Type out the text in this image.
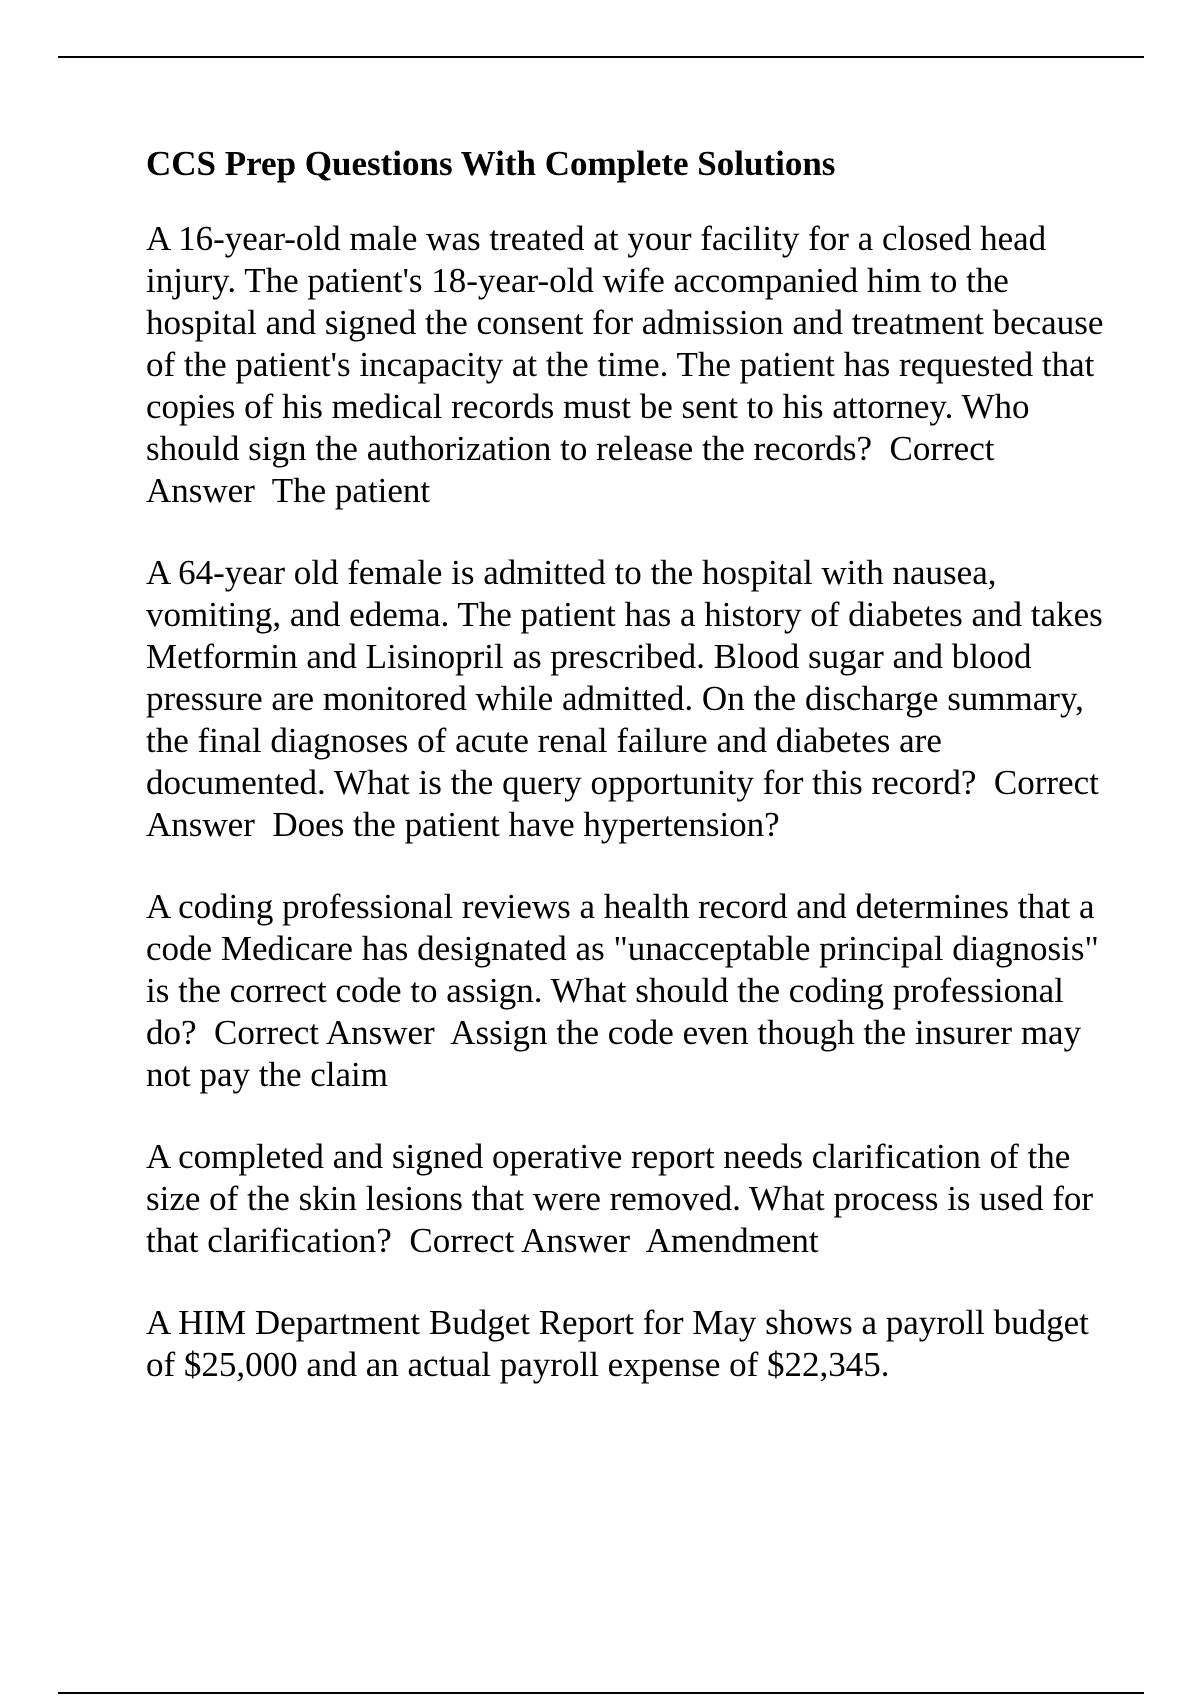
CCS Prep Questions With Complete Solutions

A 16-year-old male was treated at your facility for a closed head injury. The patient's 18-year-old wife accompanied him to the hospital and signed the consent for admission and treatment because of the patient's incapacity at the time. The patient has requested that copies of his medical records must be sent to his attorney. Who should sign the authorization to release the records? Correct Answer The patient

A 64-year old female is admitted to the hospital with nausea, vomiting, and edema. The patient has a history of diabetes and takes Metformin and Lisinopril as prescribed. Blood sugar and blood pressure are monitored while admitted. On the discharge summary, the final diagnoses of acute renal failure and diabetes are documented. What is the query opportunity for this record? Correct Answer Does the patient have hypertension?

A coding professional reviews a health record and determines that a code Medicare has designated as "unacceptable principal diagnosis" is the correct code to assign. What should the coding professional do? Correct Answer Assign the code even though the insurer may not pay the claim

A completed and signed operative report needs clarification of the size of the skin lesions that were removed. What process is used for that clarification? Correct Answer Amendment

A HIM Department Budget Report for May shows a payroll budget of $25,000 and an actual payroll expense of $22,345.
